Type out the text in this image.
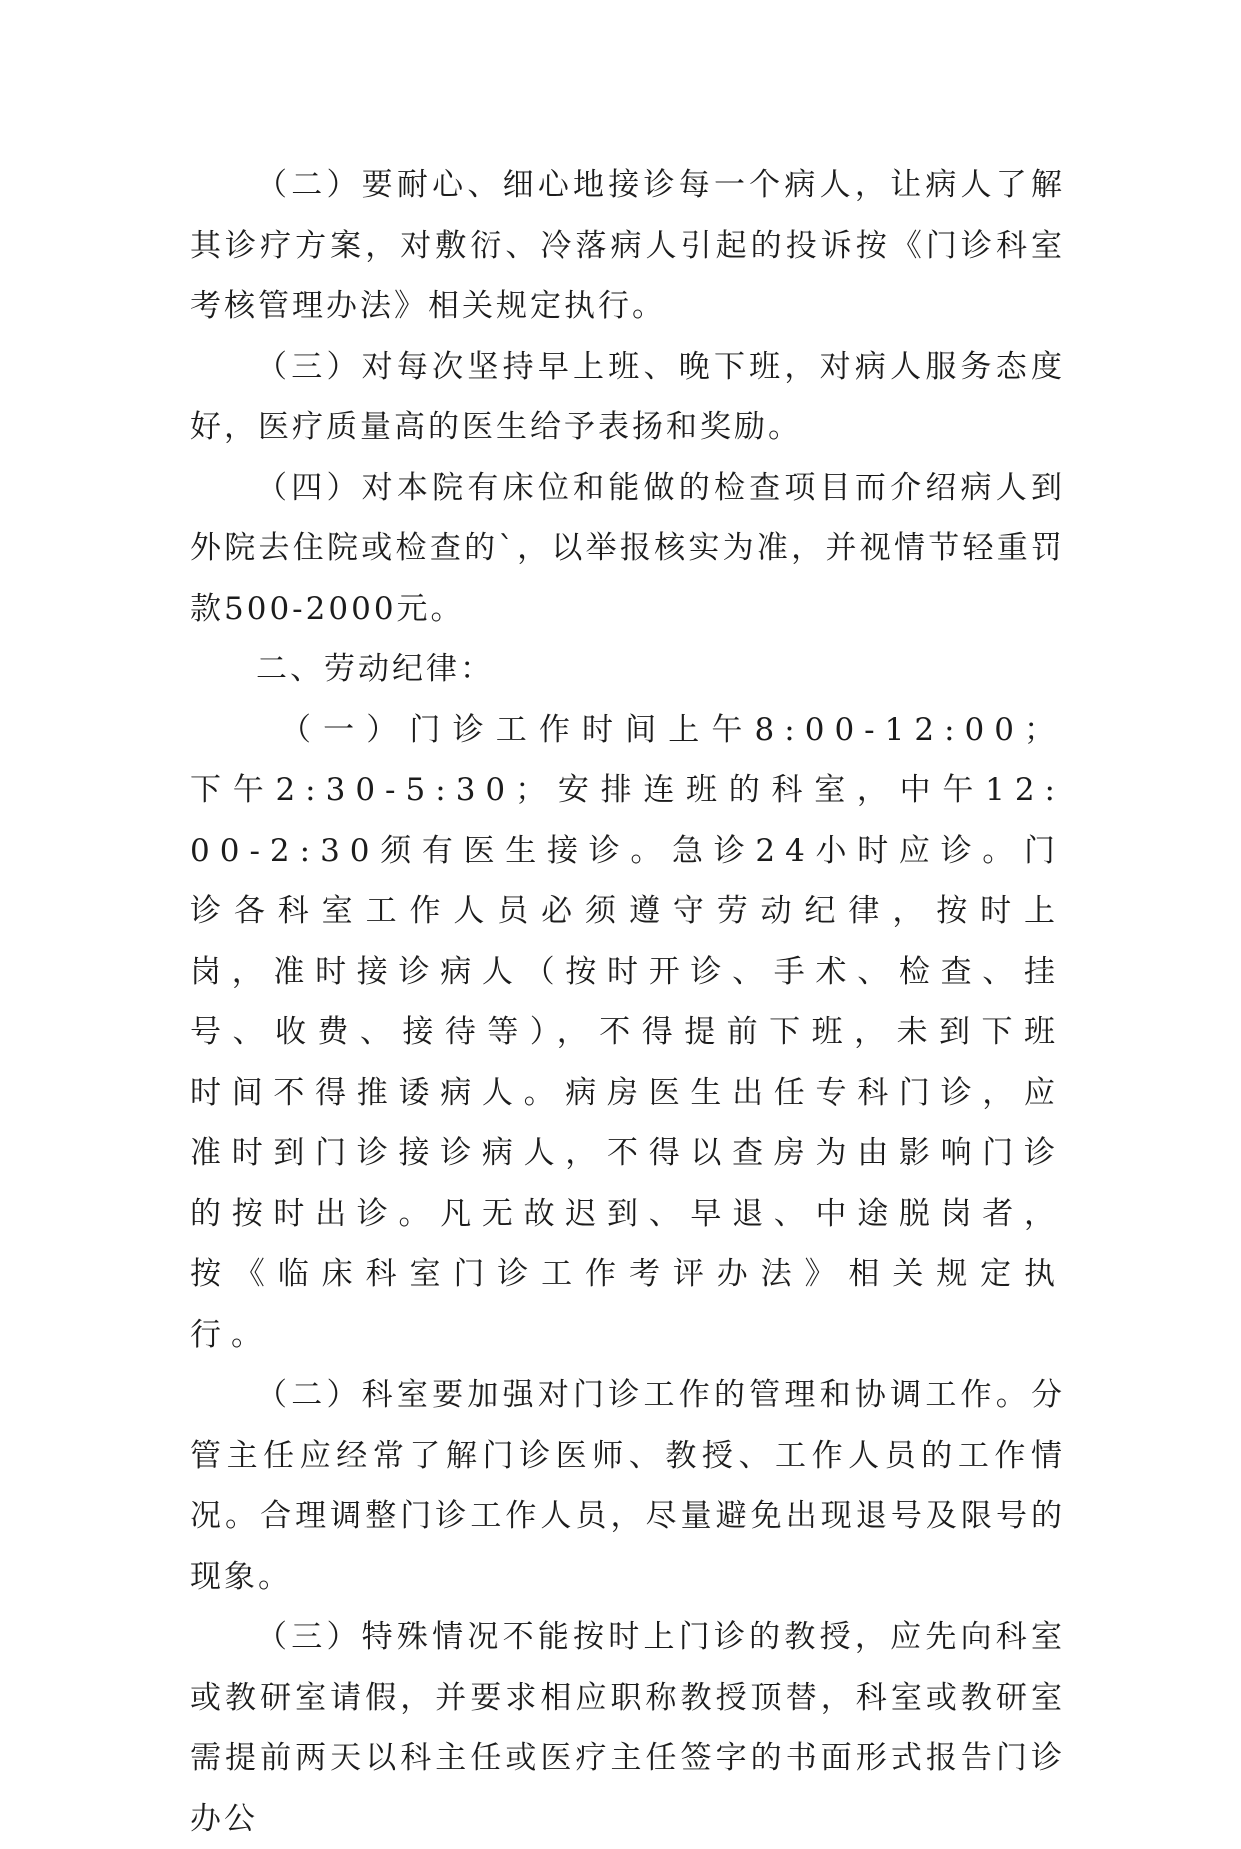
（二）要耐心、细心地接诊每一个病人，让病人了解其诊疗方案，对敷衍、冷落病人引起的投诉按《门诊科室考核管理办法》相关规定执行。

（三）对每次坚持早上班、晚下班，对病人服务态度好，医疗质量高的医生给予表扬和奖励。

（四）对本院有床位和能做的检查项目而介绍病人到外院去住院或检查的`，以举报核实为准，并视情节轻重罚款500-2000元。

二、劳动纪律：

（一）门诊工作时间上午8:00-12:00；下午2:30-5:30；安排连班的科室，中午12:00-2:30须有医生接诊。急诊24小时应诊。门诊各科室工作人员必须遵守劳动纪律，按时上岗，准时接诊病人（按时开诊、手术、检查、挂号、收费、接待等），不得提前下班，未到下班时间不得推诿病人。病房医生出任专科门诊，应准时到门诊接诊病人，不得以查房为由影响门诊的按时出诊。凡无故迟到、早退、中途脱岗者，按《临床科室门诊工作考评办法》相关规定执行。

（二）科室要加强对门诊工作的管理和协调工作。分管主任应经常了解门诊医师、教授、工作人员的工作情况。合理调整门诊工作人员，尽量避免出现退号及限号的现象。

（三）特殊情况不能按时上门诊的教授，应先向科室或教研室请假，并要求相应职称教授顶替，科室或教研室需提前两天以科主任或医疗主任签字的书面形式报告门诊办公
